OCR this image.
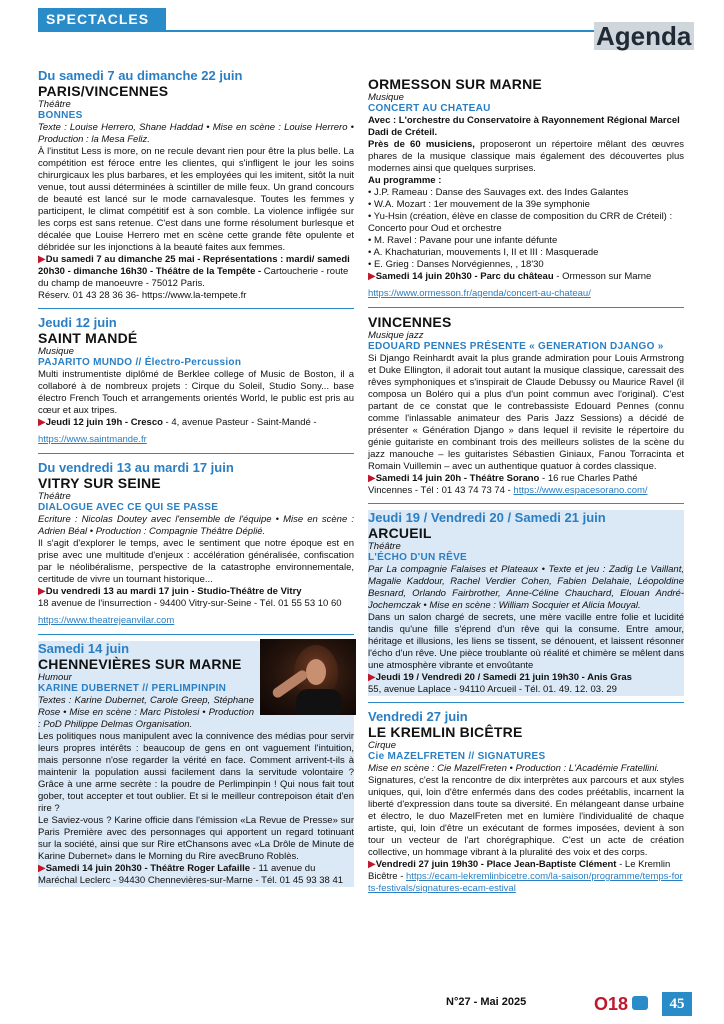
SPECTACLES
Agenda
Du samedi 7 au dimanche 22 juin
PARIS/VINCENNES
Théâtre
BONNES
Texte : Louise Herrero, Shane Haddad • Mise en scène : Louise Herrero • Production : la Mesa Feliz.
À l'institut Less is more, on ne recule devant rien pour être la plus belle. La compétition est féroce entre les clientes, qui s'infligent le jour les soins chirurgicaux les plus barbares, et les employées qui les imitent, sitôt la nuit venue, tout aussi déterminées à scintiller de mille feux. Un grand concours de beauté est lancé sur le mode carnavalesque. Toutes les femmes y participent, le climat compétitif est à son comble. La violence infligée sur les corps est sans retenue. C'est dans une forme résolument burlesque et décalée que Louise Herrero met en scène cette grande fête opulente et débridée sur les injonctions à la beauté faites aux femmes.
▶Du samedi 7 au dimanche 25 mai - Représentations : mardi/ samedi 20h30 - dimanche 16h30 - Théâtre de la Tempête - Cartoucherie - route du champ de manoeuvre - 75012 Paris.
Réserv. 01 43 28 36 36- https://www.la-tempete.fr
Jeudi 12 juin
SAINT MANDÉ
Musique
PAJARITO MUNDO // Électro-Percussion
Multi instrumentiste diplômé de Berklee college of Music de Boston, il a collaboré à de nombreux projets : Cirque du Soleil, Studio Sony... base électro French Touch et arrangements orientés World, le public est pris au cœur et aux tripes.
▶Jeudi 12 juin 19h - Cresco - 4, avenue Pasteur - Saint-Mandé -
https://www.saintmande.fr
Du vendredi 13 au mardi 17 juin
VITRY SUR SEINE
Théâtre
DIALOGUE AVEC CE QUI SE PASSE
Ecriture : Nicolas Doutey avec l'ensemble de l'équipe • Mise en scène : Adrien Béal • Production : Compagnie Théâtre Déplié.
Il s'agit d'explorer le temps, avec le sentiment que notre époque est en prise avec une multitude d'enjeux : accélération généralisée, confiscation par le néolibéralisme, perspective de la catastrophe environnementale, certitude de vivre un tournant historique...
▶Du vendredi 13 au mardi 17 juin - Studio-Théâtre de Vitry
18 avenue de l'insurrection - 94400 Vitry-sur-Seine - Tél. 01 55 53 10 60
https://www.theatrejeanvilar.com
Samedi 14 juin
CHENNEVIÈRES SUR MARNE
Humour
KARINE DUBERNET // PERLIMPINPIN
Textes : Karine Dubernet, Carole Greep, Stéphane Rose • Mise en scène : Marc Pistolesi • Production : PoD Philippe Delmas Organisation.
Les politiques nous manipulent avec la connivence des médias pour servir leurs propres intérêts : beaucoup de gens en ont vaguement l'intuition, mais personne n'ose regarder la vérité en face. Comment arrivent-t-ils à maintenir la population aussi facilement dans la servitude volontaire ? Grâce à une arme secrète : la poudre de Perlimpinpin ! Qui nous fait tout gober, tout accepter et tout oublier. Et si le meilleur contrepoison était d'en rire ?
Le Saviez-vous ? Karine officie dans l'émission «La Revue de Presse» sur Paris Première avec des personnages qui apportent un regard totinuant sur la société, ainsi que sur Rire etChansons avec «La Drôle de Minute de Karine Dubernet» dans le Morning du Rire avecBruno Roblès.
▶Samedi 14 juin 20h30 - Théâtre Roger Lafaille - 11 avenue du Maréchal Leclerc - 94430 Chennevières-sur-Marne - Tél. 01 45 93 38 41
ORMESSON SUR MARNE
Musique
CONCERT AU CHATEAU
Avec : L'orchestre du Conservatoire à Rayonnement Régional Marcel Dadi de Créteil.
Près de 60 musiciens, proposeront un répertoire mêlant des œuvres phares de la musique classique mais également des découvertes plus modernes ainsi que quelques surprises.
Au programme :
• J.P. Rameau : Danse des Sauvages ext. des Indes Galantes
• W.A. Mozart : 1er mouvement de la 39e symphonie
• Yu-Hsin (création, élève en classe de composition du CRR de Créteil) : Concerto pour Oud et orchestre
• M. Ravel : Pavane pour une infante défunte
• A. Khachaturian, mouvements I, II et III : Masquerade
• E. Grieg : Danses Norvégiennes, , 18'30
▶Samedi 14 juin 20h30 - Parc du château - Ormesson sur Marne
https://www.ormesson.fr/agenda/concert-au-chateau/
VINCENNES
Musique jazz
EDOUARD PENNES PRÉSENTE « GENERATION DJANGO »
Si Django Reinhardt avait la plus grande admiration pour Louis Armstrong et Duke Ellington, il adorait tout autant la musique classique, caressait des rêves symphoniques et s'inspirait de Claude Debussy ou Maurice Ravel (il composa un Boléro qui a plus d'un point commun avec l'original). C'est partant de ce constat que le contrebassiste Edouard Pennes (connu comme l'inlassable animateur des Paris Jazz Sessions) a décidé de présenter « Génération Django » dans lequel il revisite le répertoire du génie guitariste en combinant trois des meilleurs solistes de la scène du jazz manouche – les guitaristes Sébastien Giniaux, Fanou Torracinta et Romain Vuillemin – avec un authentique quatuor à cordes classique.
▶Samedi 14 juin 20h - Théâtre Sorano - 16 rue Charles Pathé Vincennes - Tél : 01 43 74 73 74 - https://www.espacesorano.com/
Jeudi 19 / Vendredi 20 / Samedi 21 juin
ARCUEIL
Théâtre
L'ÉCHO D'UN RÊVE
Par La compagnie Falaises et Plateaux • Texte et jeu : Zadig Le Vaillant, Magalie Kaddour, Rachel Verdier Cohen, Fabien Delahaie, Léopoldine Besnard, Orlando Fairbrother, Anne-Céline Chauchard, Elouan André-Jochemczak • Mise en scène : William Socquier et Alicia Mouyal.
Dans un salon chargé de secrets, une mère vacille entre folie et lucidité tandis qu'une fille s'éprend d'un rêve qui la consume. Entre amour, héritage et illusions, les liens se tissent, se dénouent, et laissent résonner l'écho d'un rêve. Une pièce troublante où réalité et chimère se mêlent dans une atmosphère vibrante et envoûtante
▶Jeudi 19 / Vendredi 20 / Samedi 21 juin 19h30 - Anis Gras
55, avenue Laplace - 94110 Arcueil - Tél. 01. 49. 12. 03. 29
Vendredi 27 juin
LE KREMLIN BICÊTRE
Cirque
Cie MAZELFRETEN // SIGNATURES
Mise en scène : Cie MazelFreten • Production : L'Académie Fratellini.
Signatures, c'est la rencontre de dix interprètes aux parcours et aux styles uniques, qui, loin d'être enfermés dans des codes préétablis, incarnent la liberté d'expression dans toute sa diversité. En mélangeant danse urbaine et électro, le duo MazelFreten met en lumière l'individualité de chaque artiste, qui, loin d'être un exécutant de formes imposées, devient à son tour un vecteur de l'art chorégraphique. C'est un acte de création collective, un hommage vibrant à la pluralité des voix et des corps.
▶Vendredi 27 juin 19h30 - Place Jean-Baptiste Clément - Le Kremlin Bicêtre - https://ecam-lekremlinbicetre.com/la-saison/programme/temps-forts-festivals/signatures-ecam-estival
N°27 - Mai 2025	O18	45
